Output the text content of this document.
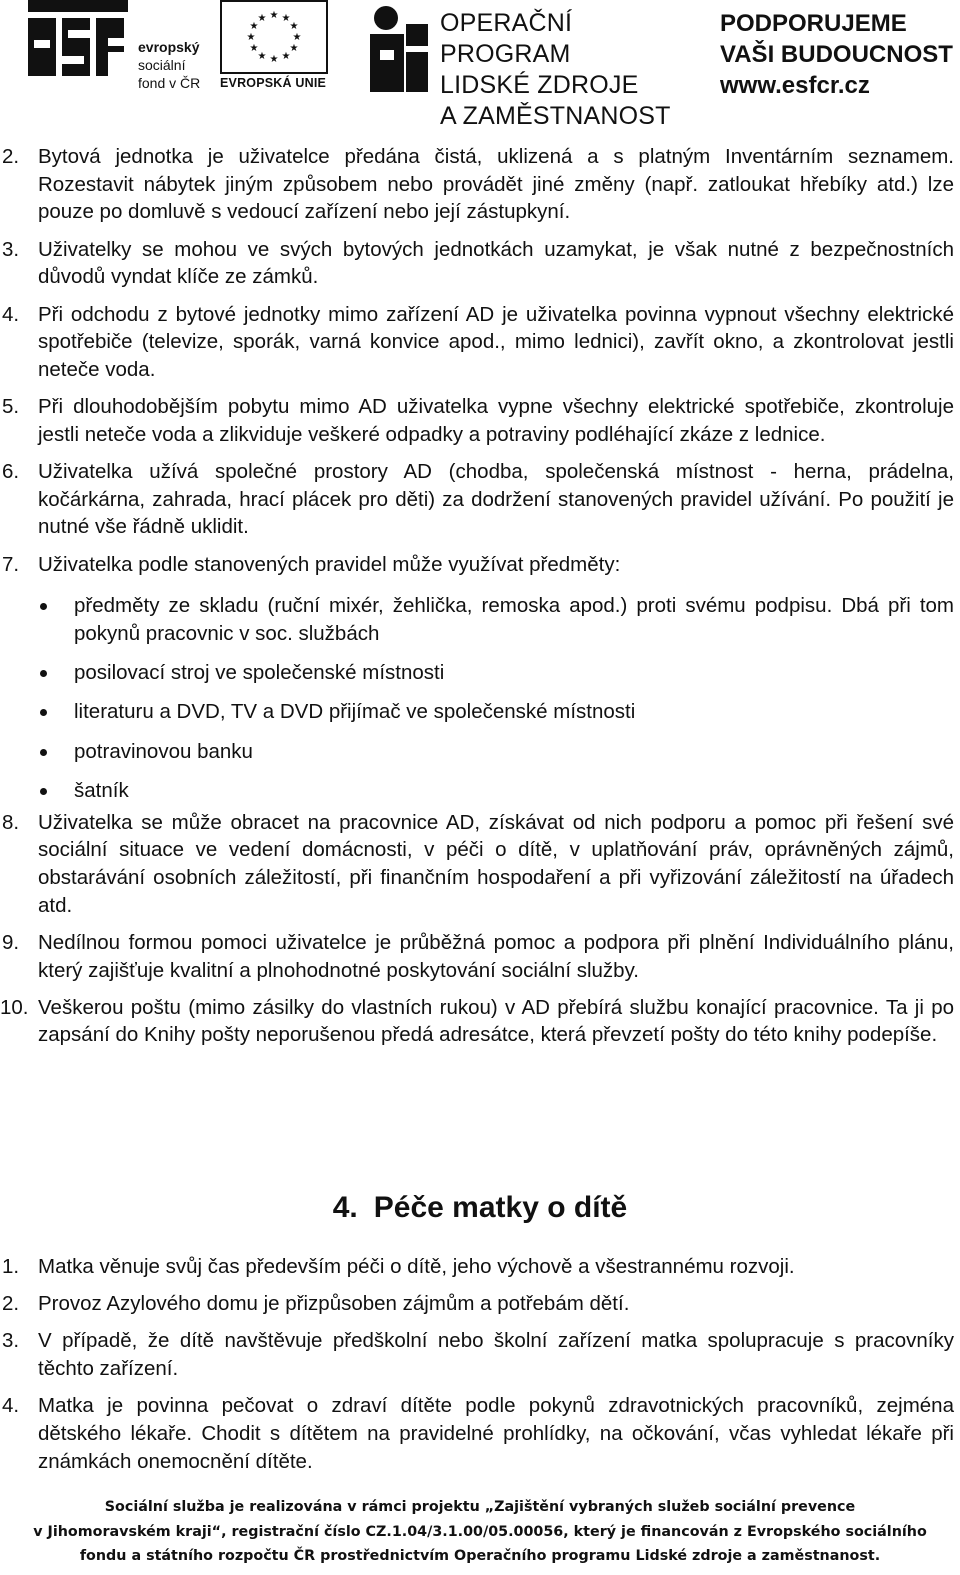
evropský
sociální
fond v ČR
★ ★
★
★
★
★
★
★
★
★
★
★
EVROPSKÁ UNIE
OPERAČNÍ PROGRAM
LIDSKÉ ZDROJE
A ZAMĚSTNANOST
PODPORUJEME
VAŠI BUDOUCNOST
www.esfcr.cz
2. Bytová jednotka je uživatelce předána čistá, uklizená a s platným Inventárním seznamem. Rozestavit nábytek jiným způsobem nebo provádět jiné změny (např. zatloukat hřebíky atd.) lze pouze po domluvě s vedoucí zařízení nebo její zástupkyní.
3. Uživatelky se mohou ve svých bytových jednotkách uzamykat, je však nutné z bezpečnostních důvodů vyndat klíče ze zámků.
4. Při odchodu z bytové jednotky mimo zařízení AD je uživatelka povinna vypnout všechny elektrické spotřebiče (televize, sporák, varná konvice apod., mimo lednici), zavřít okno, a zkontrolovat jestli neteče voda.
5. Při dlouhodobějším pobytu mimo AD uživatelka vypne všechny elektrické spotřebiče, zkontroluje jestli neteče voda a zlikviduje veškeré odpadky a potraviny podléhající zkáze z lednice.
6. Uživatelka užívá společné prostory AD (chodba, společenská místnost - herna, prádelna, kočárkárna, zahrada, hrací plácek pro děti) za dodržení stanovených pravidel užívání. Po použití je nutné vše řádně uklidit.
7. Uživatelka podle stanovených pravidel může využívat předměty:
předměty ze skladu (ruční mixér, žehlička, remoska apod.) proti svému podpisu. Dbá při tom pokynů pracovnic v soc. službách
posilovací stroj ve společenské místnosti
literaturu a DVD, TV a DVD přijímač ve společenské místnosti
potravinovou banku
šatník
8. Uživatelka se může obracet na pracovnice AD, získávat od nich podporu a pomoc při řešení své sociální situace ve vedení domácnosti, v péči o dítě, v uplatňování práv, oprávněných zájmů, obstarávání osobních záležitostí, při finančním hospodaření a při vyřizování záležitostí na úřadech atd.
9. Nedílnou formou pomoci uživatelce je průběžná pomoc a podpora při plnění Individuálního plánu, který zajišťuje kvalitní a plnohodnotné poskytování sociální služby.
10. Veškerou poštu (mimo zásilky do vlastních rukou) v AD přebírá službu konající pracovnice. Ta ji po zapsání do Knihy pošty neporušenou předá adresátce, která převzetí pošty do této knihy podepíše.
4. Péče matky o dítě
1. Matka věnuje svůj čas především péči o dítě, jeho výchově a všestrannému rozvoji.
2. Provoz Azylového domu je přizpůsoben zájmům a potřebám dětí.
3. V případě, že dítě navštěvuje předškolní nebo školní zařízení matka spolupracuje s pracovníky těchto zařízení.
4. Matka je povinna pečovat o zdraví dítěte podle pokynů zdravotnických pracovníků, zejména dětského lékaře. Chodit s dítětem na pravidelné prohlídky, na očkování, včas vyhledat lékaře při známkách onemocnění dítěte.
Sociální služba je realizována v rámci projektu „Zajištění vybraných služeb sociální prevence
v Jihomoravském kraji“, registrační číslo CZ.1.04/3.1.00/05.00056, který je financován z Evropského sociálního
fondu a státního rozpočtu ČR prostřednictvím Operačního programu Lidské zdroje a zaměstnanost.
